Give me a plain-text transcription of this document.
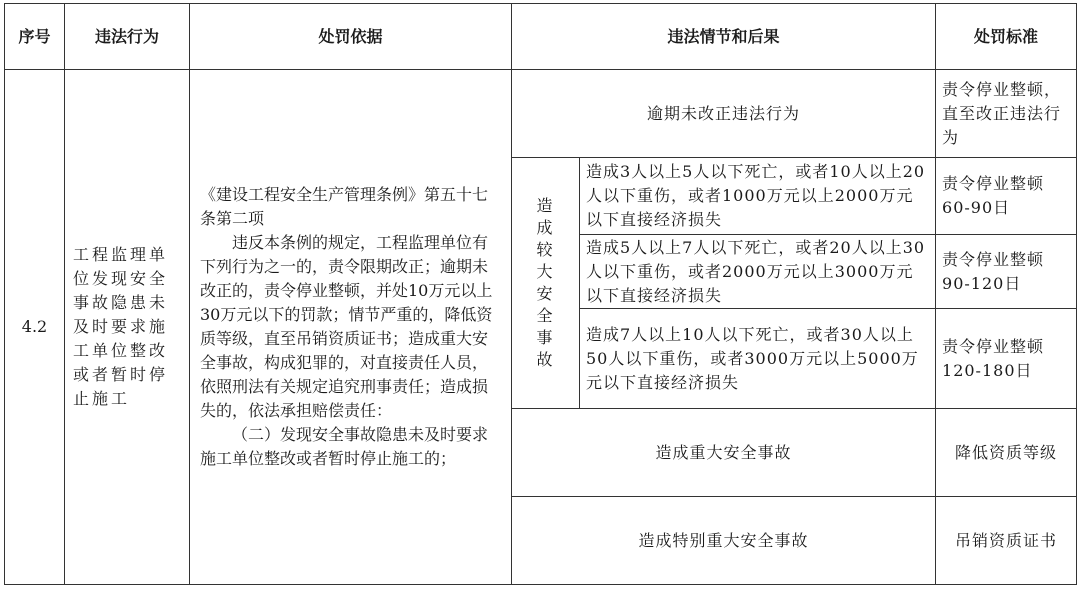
序号	违法行为	处罚依据	违法情节和后果		处罚标准
4.2	工程监理单位发现安全事故隐患未及时要求施工单位整改或者暂时停止施工	《建设工程安全生产管理条例》第五十七条第二项
违反本条例的规定，工程监理单位有下列行为之一的，责令限期改正；逾期未改正的，责令停业整顿，并处10万元以上30万元以下的罚款；情节严重的，降低资质等级，直至吊销资质证书；造成重大安全事故，构成犯罪的，对直接责任人员，依照刑法有关规定追究刑事责任；造成损失的，依法承担赔偿责任：
（二）发现安全事故隐患未及时要求施工单位整改或者暂时停止施工的；	逾期未改正违法行为		责令停业整顿，直至改正违法行为
			造成较大安全事故	造成3人以上5人以下死亡，或者10人以上20人以下重伤，或者1000万元以上2000万元以下直接经济损失	责令停业整顿60-90日
				造成5人以上7人以下死亡，或者20人以上30人以下重伤，或者2000万元以上3000万元以下直接经济损失	责令停业整顿90-120日
				造成7人以上10人以下死亡，或者30人以上50人以下重伤，或者3000万元以上5000万元以下直接经济损失	责令停业整顿120-180日
			造成重大安全事故		降低资质等级
			造成特别重大安全事故		吊销资质证书
